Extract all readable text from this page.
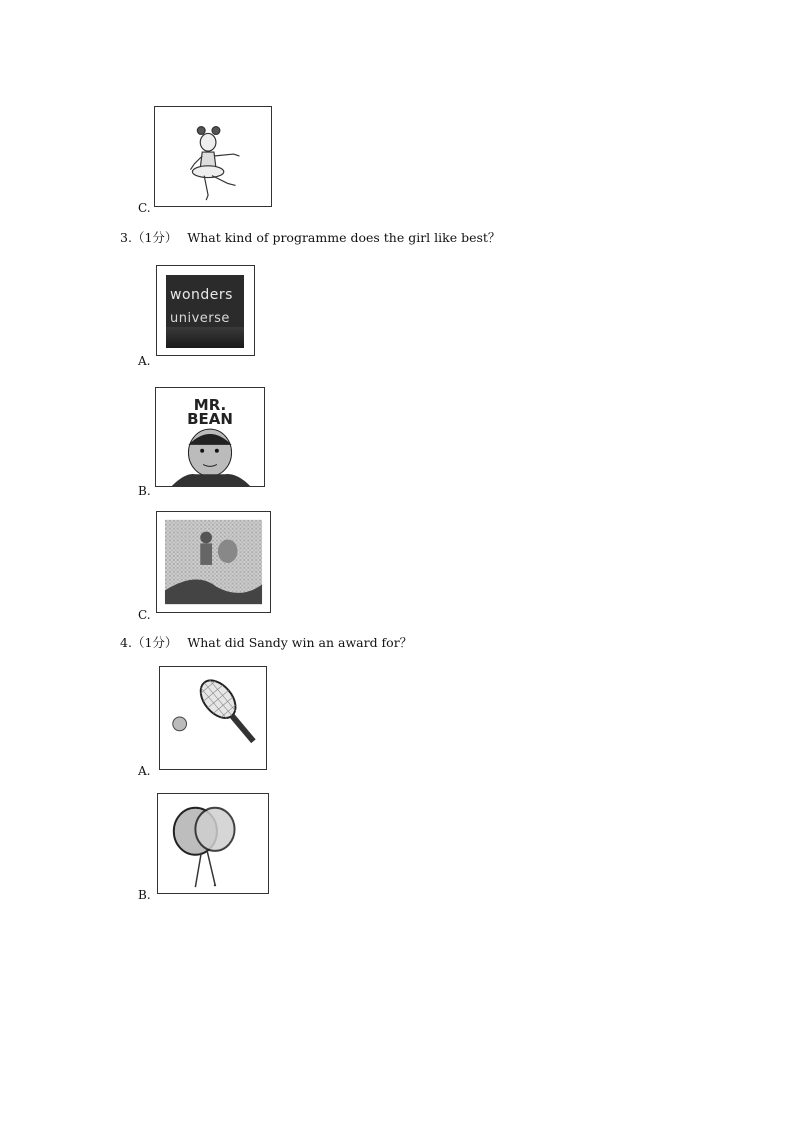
C.
3.（1分） What kind of programme does the girl like best？
wonders
universe
A.
MR.
BEAN
B.
C.
4.（1分） What did Sandy win an award for？
A.
B.
